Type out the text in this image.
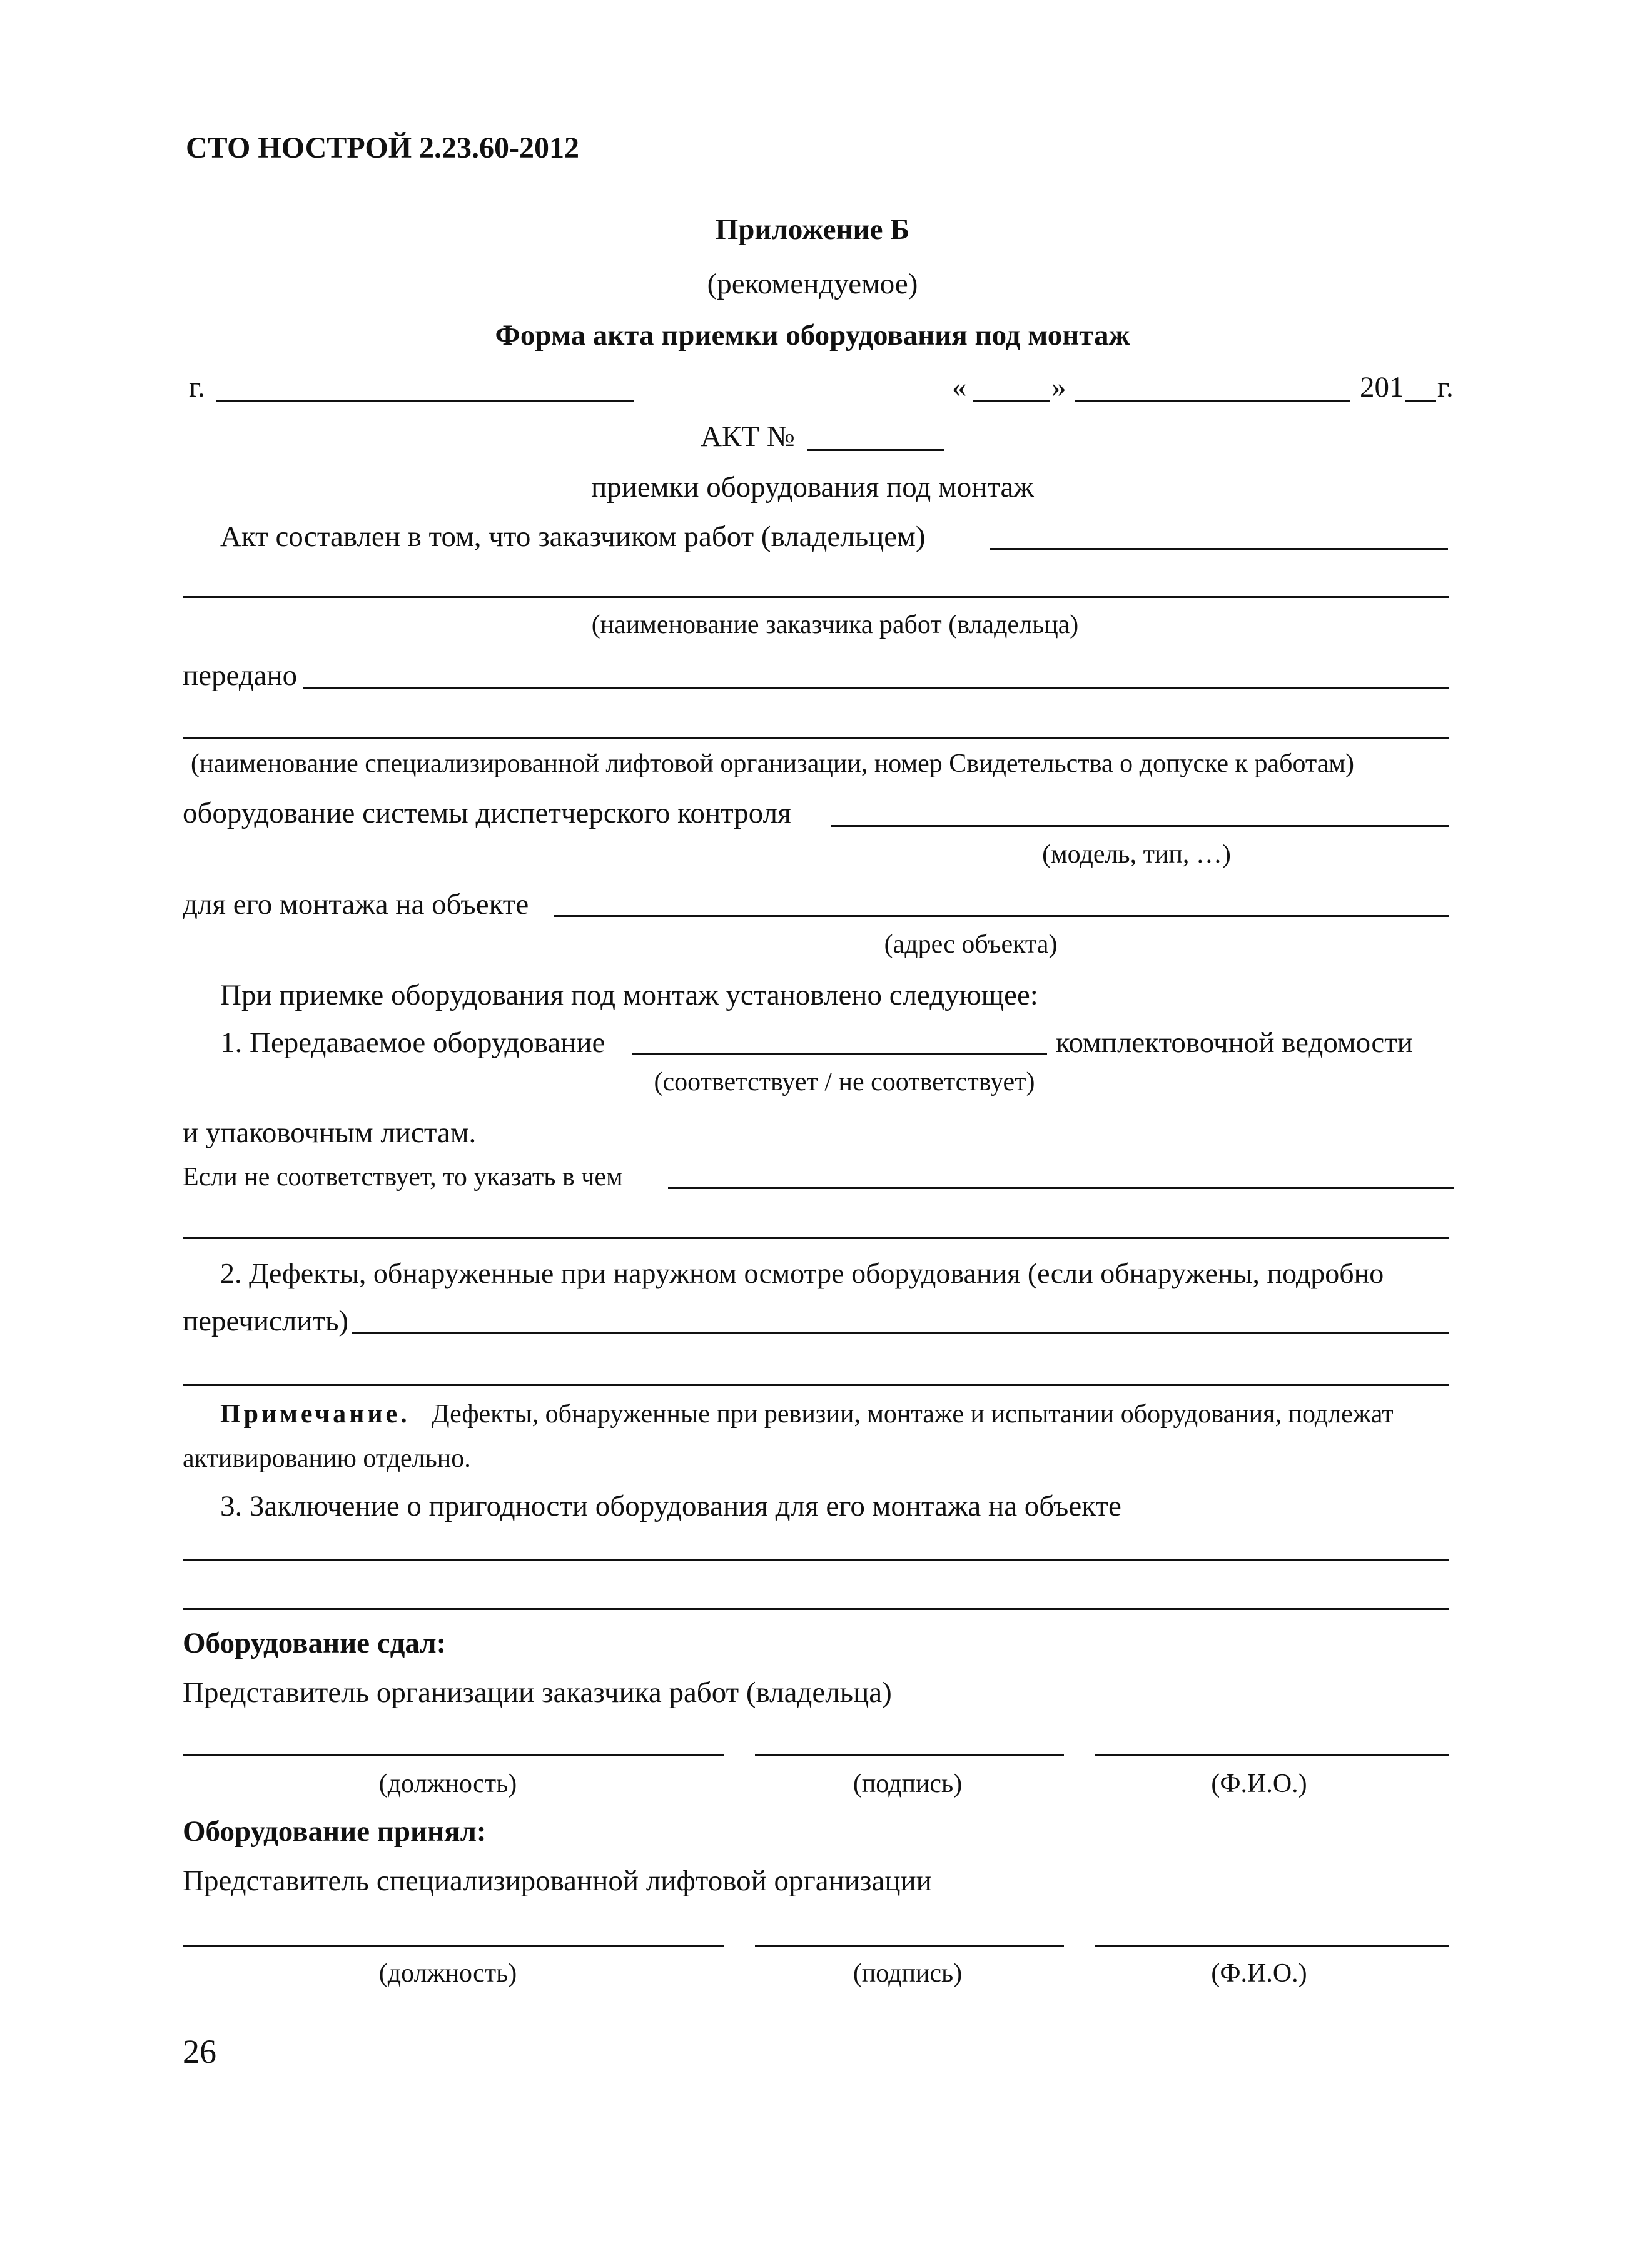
СТО НОСТРОЙ 2.23.60-2012
Приложение Б
(рекомендуемое)
Форма акта приемки оборудования под монтаж
г.	«	»	201 г.
АКТ №
приемки оборудования под монтаж
Акт составлен в том, что заказчиком работ (владельцем)
(наименование заказчика работ (владельца)
передано
(наименование специализированной лифтовой организации, номер Свидетельства о допуске к работам)
оборудование системы диспетчерского контроля
(модель, тип, …)
для его монтажа на объекте
(адрес объекта)
При приемке оборудования под монтаж установлено следующее:
1. Передаваемое оборудование	комплектовочной ведомости
(соответствует / не соответствует)
и упаковочным листам.
Если не соответствует, то указать в чем
2. Дефекты, обнаруженные при наружном осмотре оборудования (если обнаружены, подробно
перечислить)
Примечание. Дефекты, обнаруженные при ревизии, монтаже и испытании оборудования, подлежат
активированию отдельно.
3. Заключение о пригодности оборудования для его монтажа на объекте
Оборудование сдал:
Представитель организации заказчика работ (владельца)
(должность)	(подпись)	(Ф.И.О.)
Оборудование принял:
Представитель специализированной лифтовой организации
(должность)	(подпись)	(Ф.И.О.)
26
